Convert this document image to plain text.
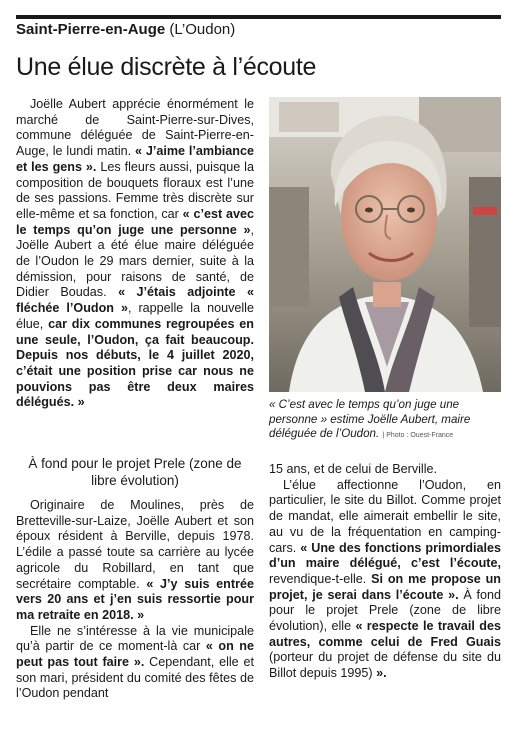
Saint-Pierre-en-Auge (L’Oudon)
Une élue discrète à l’écoute

Joëlle Aubert apprécie énormément le marché de Saint-Pierre-sur-Dives, commune déléguée de Saint-Pierre-en-Auge, le lundi matin. « J’aime l’ambiance et les gens ». Les fleurs aussi, puisque la composition de bouquets floraux est l’une de ses passions. Femme très discrète sur elle-même et sa fonction, car « c’est avec le temps qu’on juge une personne », Joëlle Aubert a été élue maire déléguée de l’Oudon le 29 mars dernier, suite à la démission, pour raisons de santé, de Didier Boudas. « J’étais adjointe « fléchée l’Oudon », rappelle la nouvelle élue, car dix communes regroupées en une seule, l’Oudon, ça fait beaucoup. Depuis nos débuts, le 4 juillet 2020, c’était une position prise car nous ne pouvions pas être deux maires délégués. »

À fond pour le projet Prele (zone de libre évolution)

Originaire de Moulines, près de Bretteville-sur-Laize, Joëlle Aubert et son époux résident à Berville, depuis 1978. L’édile a passé toute sa carrière au lycée agricole du Robillard, en tant que secrétaire comptable. « J’y suis entrée vers 20 ans et j’en suis ressortie pour ma retraite en 2018. »

Elle ne s’intéresse à la vie municipale qu’à partir de ce moment-là car « on ne peut pas tout faire ». Cependant, elle et son mari, président du comité des fêtes de l’Oudon pendant

« C’est avec le temps qu’on juge une personne » estime Joëlle Aubert, maire déléguée de l’Oudon. | Photo : Ouest-France

15 ans, et de celui de Berville.

L’élue affectionne l’Oudon, en particulier, le site du Billot. Comme projet de mandat, elle aimerait embellir le site, au vu de la fréquentation en camping-cars. « Une des fonctions primordiales d’un maire délégué, c’est l’écoute, revendique-t-elle. Si on me propose un projet, je serai dans l’écoute ». À fond pour le projet Prele (zone de libre évolution), elle « respecte le travail des autres, comme celui de Fred Guais (porteur du projet de défense du site du Billot depuis 1995) ».
